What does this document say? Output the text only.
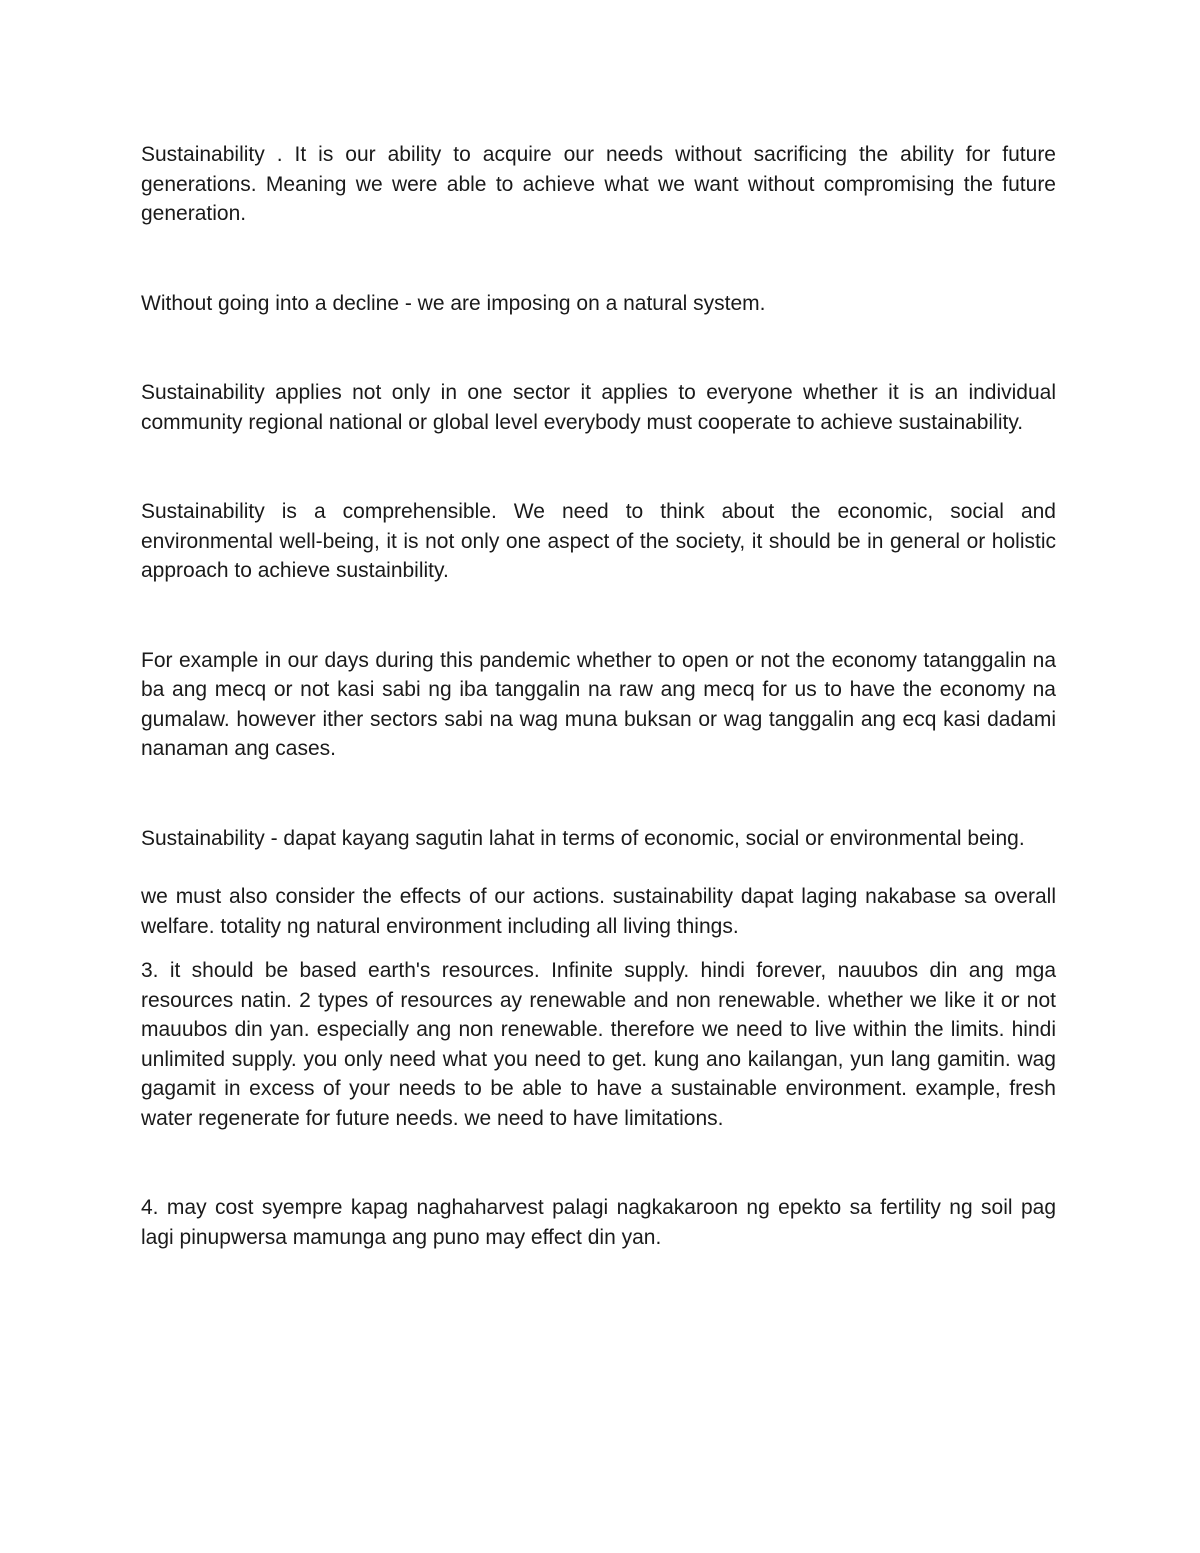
Sustainability . It is our ability to acquire our needs without sacrificing the ability for future generations. Meaning we were able to achieve what we want without compromising the future generation.

Without going into a decline - we are imposing on a natural system.

Sustainability applies not only in one sector it applies to everyone whether it is an individual community regional national or global level everybody must cooperate to achieve sustainability.

Sustainability is a comprehensible. We need to think about the economic, social and environmental well-being, it is not only one aspect of the society, it should be in general or holistic approach to achieve sustainbility.

For example in our days during this pandemic whether to open or not the economy tatanggalin na ba ang mecq or not kasi sabi ng iba tanggalin na raw ang mecq for us to have the economy na gumalaw. however ither sectors sabi na wag muna buksan or wag tanggalin ang ecq kasi dadami nanaman ang cases.

Sustainability - dapat kayang sagutin lahat in terms of economic, social or environmental being.

we must also consider the effects of our actions. sustainability dapat laging nakabase sa overall welfare. totality ng natural environment including all living things.

3. it should be based earth's resources. Infinite supply. hindi forever, nauubos din ang mga resources natin. 2 types of resources ay renewable and non renewable. whether we like it or not mauubos din yan. especially ang non renewable. therefore we need to live within the limits. hindi unlimited supply. you only need what you need to get. kung ano kailangan, yun lang gamitin. wag gagamit in excess of your needs to be able to have a sustainable environment. example, fresh water regenerate for future needs. we need to have limitations.

4. may cost syempre kapag naghaharvest palagi nagkakaroon ng epekto sa fertility ng soil pag lagi pinupwersa mamunga ang puno may effect din yan.
